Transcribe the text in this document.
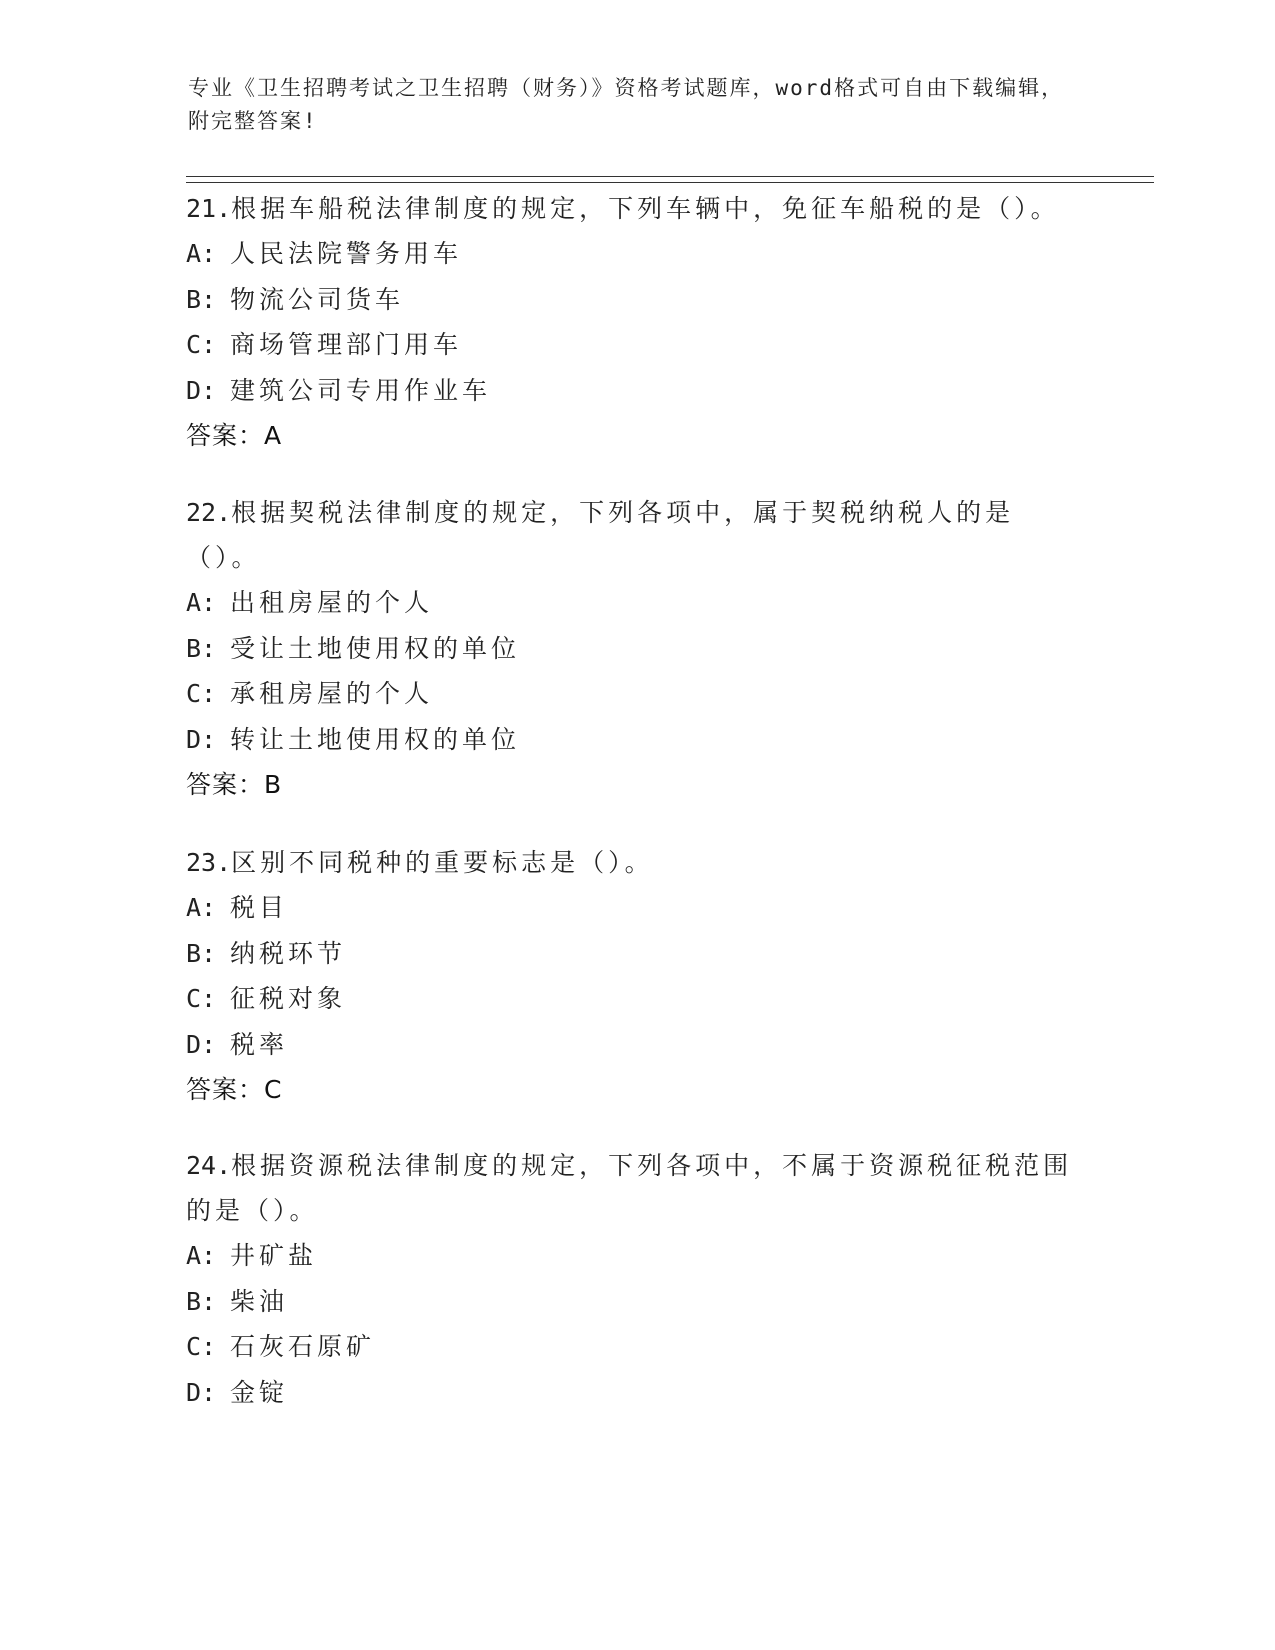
专业《卫生招聘考试之卫生招聘（财务）》资格考试题库，word格式可自由下载编辑，附完整答案!

21.根据车船税法律制度的规定，下列车辆中，免征车船税的是（）。

A: 人民法院警务用车

B: 物流公司货车

C: 商场管理部门用车

D: 建筑公司专用作业车

答案：A

22.根据契税法律制度的规定，下列各项中，属于契税纳税人的是（）。

A: 出租房屋的个人

B: 受让土地使用权的单位

C: 承租房屋的个人

D: 转让土地使用权的单位

答案：B

23.区别不同税种的重要标志是（）。

A: 税目

B: 纳税环节

C: 征税对象

D: 税率

答案：C

24.根据资源税法律制度的规定，下列各项中，不属于资源税征税范围的是（）。

A: 井矿盐

B: 柴油

C: 石灰石原矿

D: 金锭
